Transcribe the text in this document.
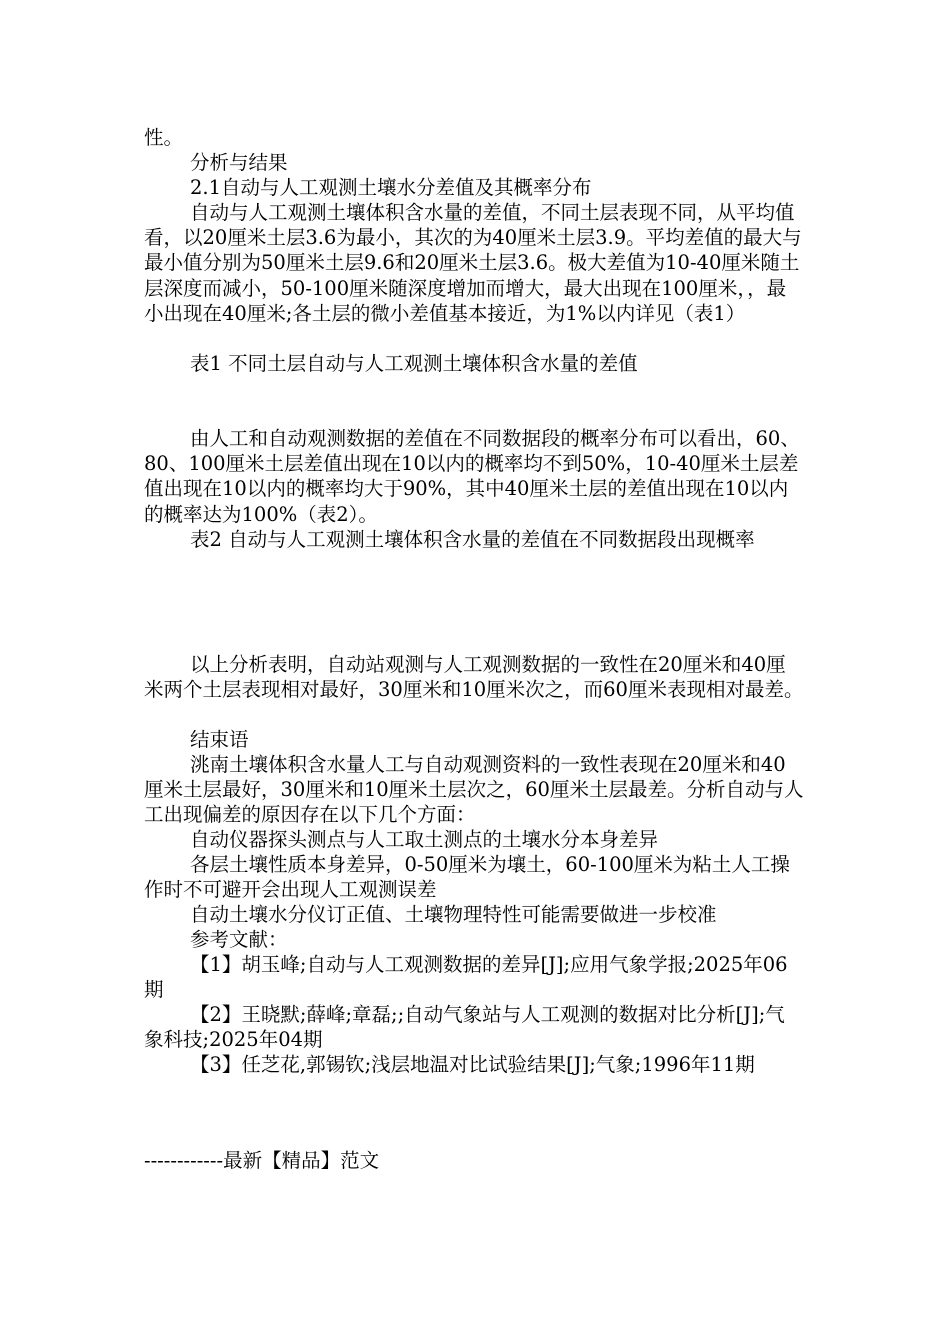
性。

分析与结果

2.1自动与人工观测土壤水分差值及其概率分布

自动与人工观测土壤体积含水量的差值，不同土层表现不同，从平均值看，以20厘米土层3.6为最小，其次的为40厘米土层3.9。平均差值的最大与最小值分别为50厘米土层9.6和20厘米土层3.6。极大差值为10-40厘米随土层深度而减小，50-100厘米随深度增加而增大，最大出现在100厘米，，最小出现在40厘米;各土层的微小差值基本接近，为1%以内详见（表1）

表1 不同土层自动与人工观测土壤体积含水量的差值

由人工和自动观测数据的差值在不同数据段的概率分布可以看出，60、80、100厘米土层差值出现在10以内的概率均不到50%，10-40厘米土层差值出现在10以内的概率均大于90%，其中40厘米土层的差值出现在10以内的概率达为100%（表2）。

表2 自动与人工观测土壤体积含水量的差值在不同数据段出现概率

以上分析表明，自动站观测与人工观测数据的一致性在20厘米和40厘米两个土层表现相对最好，30厘米和10厘米次之，而60厘米表现相对最差。

结束语

洮南土壤体积含水量人工与自动观测资料的一致性表现在20厘米和40厘米土层最好，30厘米和10厘米土层次之，60厘米土层最差。分析自动与人工出现偏差的原因存在以下几个方面：

自动仪器探头测点与人工取土测点的土壤水分本身差异

各层土壤性质本身差异，0-50厘米为壤土，60-100厘米为粘土人工操作时不可避开会出现人工观测误差

自动土壤水分仪订正值、土壤物理特性可能需要做进一步校准

参考文献：

【1】胡玉峰;自动与人工观测数据的差异[J];应用气象学报;2025年06期

【2】王晓默;薛峰;章磊;;自动气象站与人工观测的数据对比分析[J];气象科技;2025年04期

【3】任芝花,郭锡钦;浅层地温对比试验结果[J];气象;1996年11期

------------最新【精品】范文
